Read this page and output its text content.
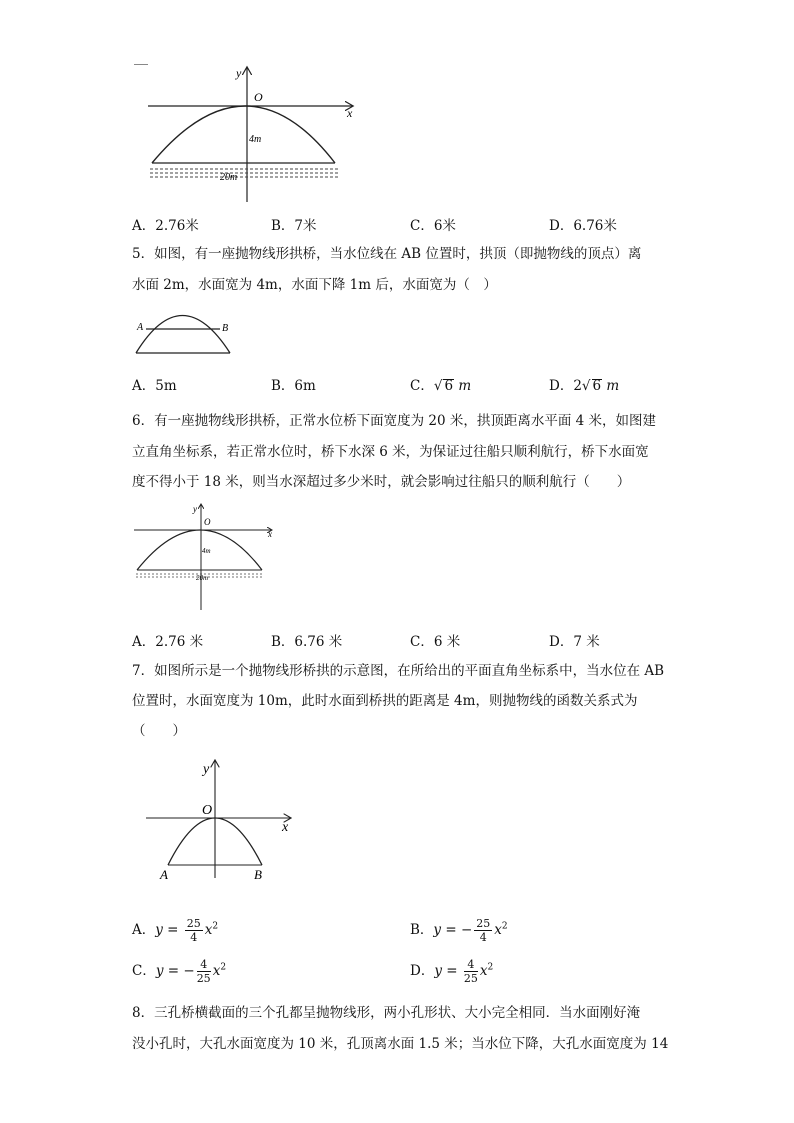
O
y
x
4m
20m
A．2.76米	B．7米	C．6米	D．6.76米
5．如图，有一座抛物线形拱桥，当水位线在 AB 位置时，拱顶（即抛物线的顶点）离
水面 2m，水面宽为 4m，水面下降 1m 后，水面宽为（　）
A	B
A．5m	B．6m	C．√ 6 m	D．2√ 6 m
6．有一座抛物线形拱桥，正常水位桥下面宽度为 20 米，拱顶距离水平面 4 米，如图建
立直角坐标系，若正常水位时，桥下水深 6 米，为保证过往船只顺利航行，桥下水面宽
度不得小于 18 米，则当水深超过多少米时，就会影响过往船只的顺利航行（　　）
O
y
x
4m
20m
A．2.76 米	B．6.76 米	C．6 米	D．7 米
7．如图所示是一个抛物线形桥拱的示意图，在所给出的平面直角坐标系中，当水位在 AB
位置时，水面宽度为 10m，此时水面到桥拱的距离是 4m，则抛物线的函数关系式为
（　　）
O
y
x
A	B
A．$y = \frac{25}{4} x^2$	B．y = − $\frac{25}{4} x^2$
C．y = − $\frac{4}{25} x^2$	D．$y = \frac{4}{25} x^2$
8．三孔桥横截面的三个孔都呈抛物线形，两小孔形状、大小完全相同．当水面刚好淹
没小孔时，大孔水面宽度为 10 米，孔顶离水面 1.5 米；当水位下降，大孔水面宽度为 14
